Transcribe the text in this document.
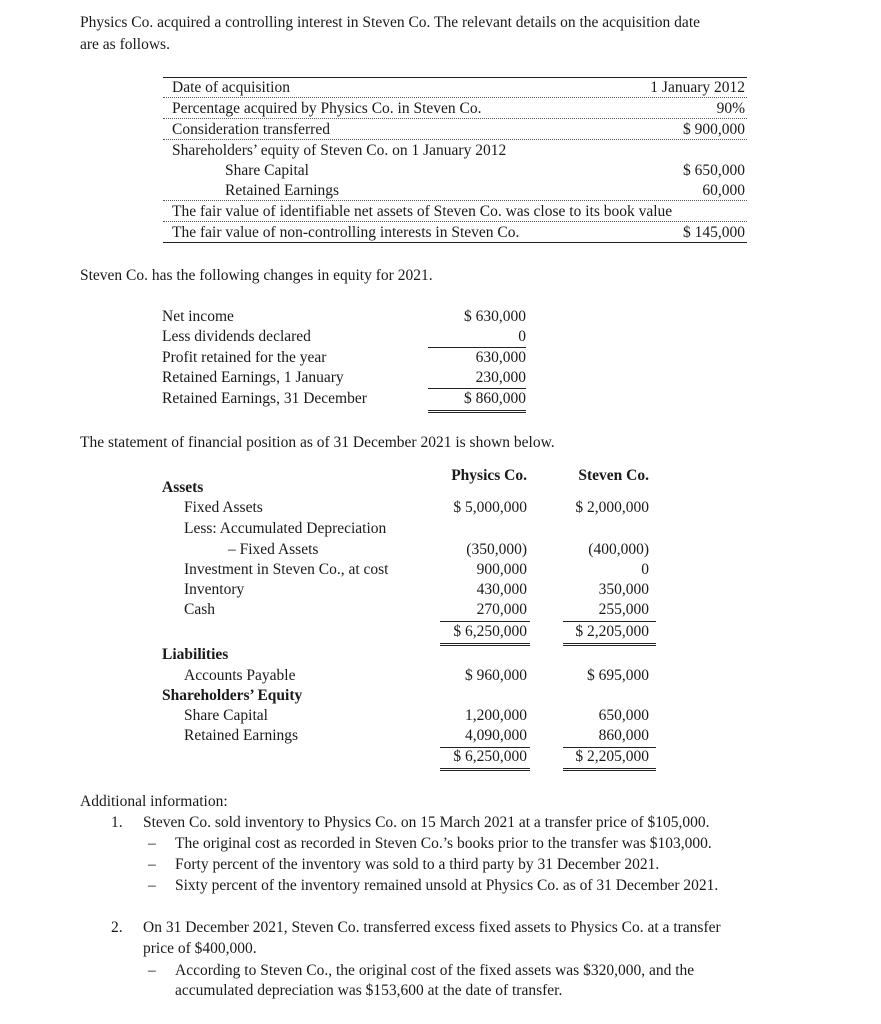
Physics Co. acquired a controlling interest in Steven Co. The relevant details on the acquisition date
are as follows.
Date of acquisition	1 January 2012
Percentage acquired by Physics Co. in Steven Co.	90%
Consideration transferred	$ 900,000
Shareholders’ equity of Steven Co. on 1 January 2012
Share Capital	$ 650,000
Retained Earnings	60,000
The fair value of identifiable net assets of Steven Co. was close to its book value
The fair value of non-controlling interests in Steven Co.	$ 145,000
Steven Co. has the following changes in equity for 2021.
Net income	$ 630,000
Less dividends declared	0
Profit retained for the year	630,000
Retained Earnings, 1 January	230,000
Retained Earnings, 31 December	$ 860,000
The statement of financial position as of 31 December 2021 is shown below.
Physics Co.	Steven Co.
Assets
Fixed Assets	$ 5,000,000	$ 2,000,000
Less: Accumulated Depreciation
– Fixed Assets	(350,000)	(400,000)
Investment in Steven Co., at cost	900,000	0
Inventory	430,000	350,000
Cash	270,000	255,000
$ 6,250,000	$ 2,205,000
Liabilities
Accounts Payable	$ 960,000	$ 695,000
Shareholders’ Equity
Share Capital	1,200,000	650,000
Retained Earnings	4,090,000	860,000
$ 6,250,000	$ 2,205,000
Additional information:
1. Steven Co. sold inventory to Physics Co. on 15 March 2021 at a transfer price of $105,000.
– The original cost as recorded in Steven Co.’s books prior to the transfer was $103,000.
– Forty percent of the inventory was sold to a third party by 31 December 2021.
– Sixty percent of the inventory remained unsold at Physics Co. as of 31 December 2021.
2. On 31 December 2021, Steven Co. transferred excess fixed assets to Physics Co. at a transfer
price of $400,000.
– According to Steven Co., the original cost of the fixed assets was $320,000, and the
accumulated depreciation was $153,600 at the date of transfer.
